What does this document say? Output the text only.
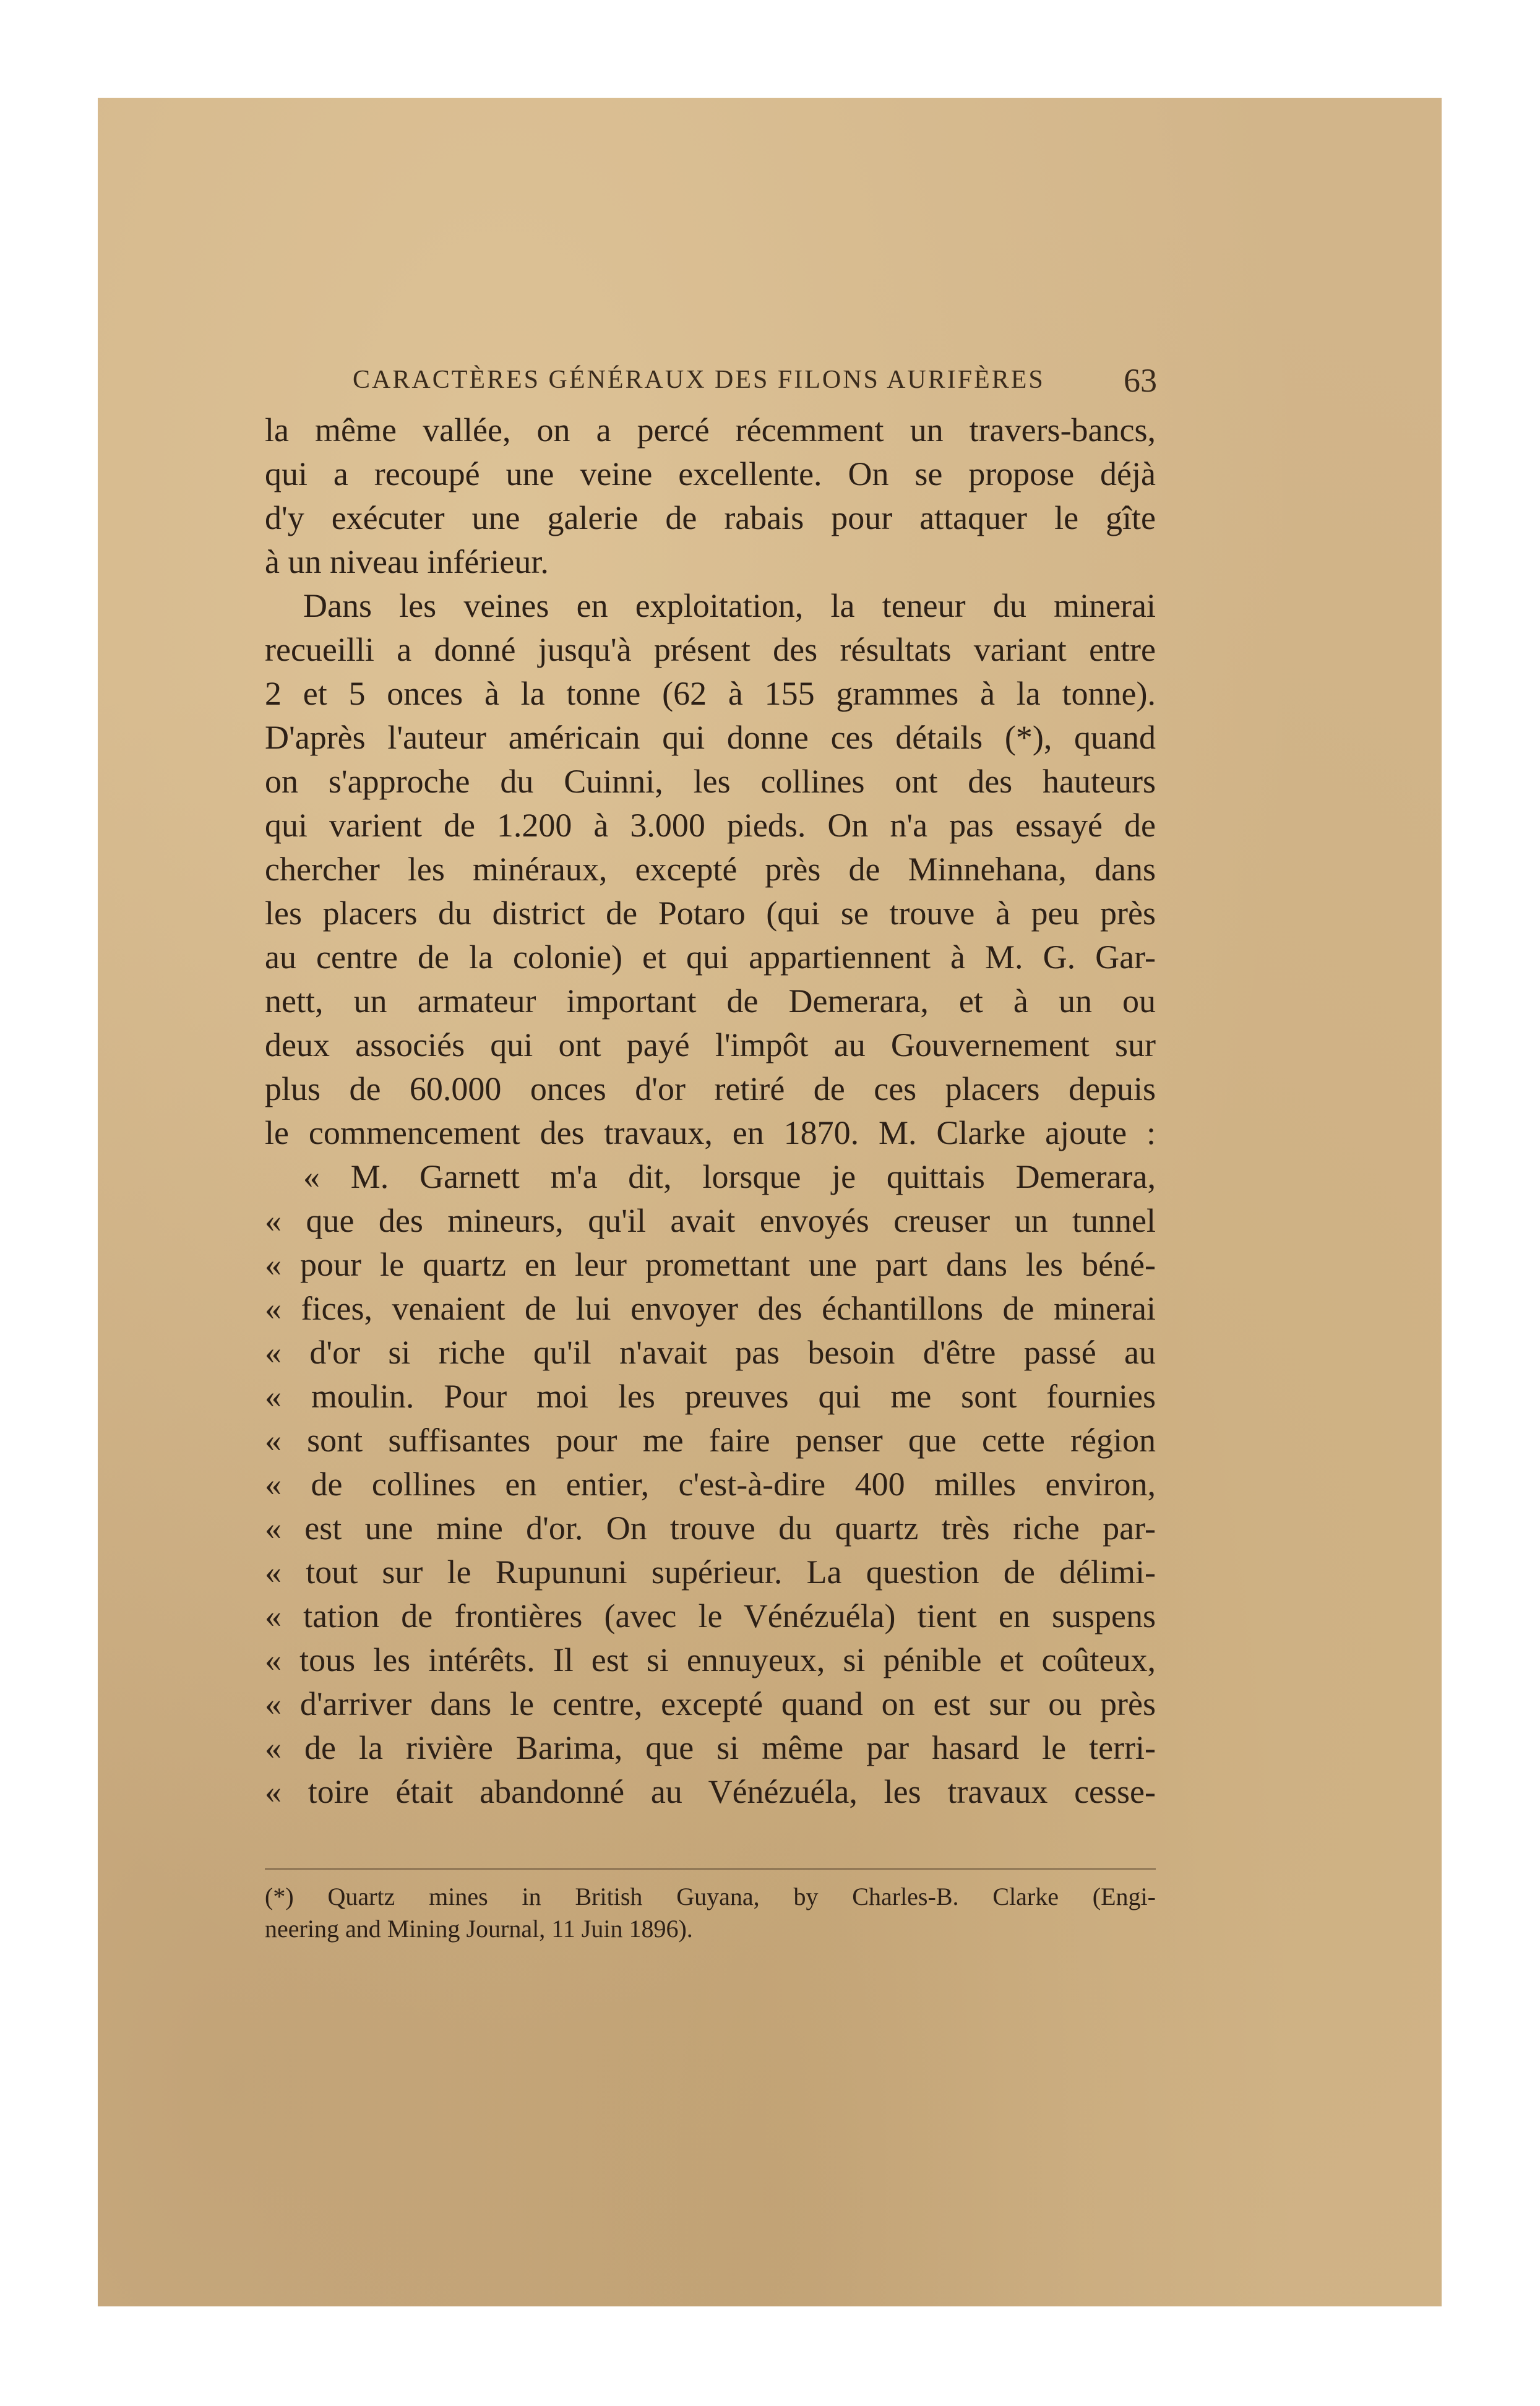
CARACTÈRES GÉNÉRAUX DES FILONS AURIFÈRES 63
la même vallée, on a percé récemment un travers-bancs,
qui a recoupé une veine excellente. On se propose déjà
d'y exécuter une galerie de rabais pour attaquer le gîte
à un niveau inférieur.
Dans les veines en exploitation, la teneur du minerai
recueilli a donné jusqu'à présent des résultats variant entre
2 et 5 onces à la tonne (62 à 155 grammes à la tonne).
D'après l'auteur américain qui donne ces détails (*), quand
on s'approche du Cuinni, les collines ont des hauteurs
qui varient de 1.200 à 3.000 pieds. On n'a pas essayé de
chercher les minéraux, excepté près de Minnehana, dans
les placers du district de Potaro (qui se trouve à peu près
au centre de la colonie) et qui appartiennent à M. G. Gar-
nett, un armateur important de Demerara, et à un ou
deux associés qui ont payé l'impôt au Gouvernement sur
plus de 60.000 onces d'or retiré de ces placers depuis
le commencement des travaux, en 1870. M. Clarke ajoute :
« M. Garnett m'a dit, lorsque je quittais Demerara,
« que des mineurs, qu'il avait envoyés creuser un tunnel
« pour le quartz en leur promettant une part dans les béné-
« fices, venaient de lui envoyer des échantillons de minerai
« d'or si riche qu'il n'avait pas besoin d'être passé au
« moulin. Pour moi les preuves qui me sont fournies
« sont suffisantes pour me faire penser que cette région
« de collines en entier, c'est-à-dire 400 milles environ,
« est une mine d'or. On trouve du quartz très riche par-
« tout sur le Rupununi supérieur. La question de délimi-
« tation de frontières (avec le Vénézuéla) tient en suspens
« tous les intérêts. Il est si ennuyeux, si pénible et coûteux,
« d'arriver dans le centre, excepté quand on est sur ou près
« de la rivière Barima, que si même par hasard le terri-
« toire était abandonné au Vénézuéla, les travaux cesse-
(*) Quartz mines in British Guyana, by Charles-B. Clarke (Engi-
neering and Mining Journal, 11 Juin 1896).
